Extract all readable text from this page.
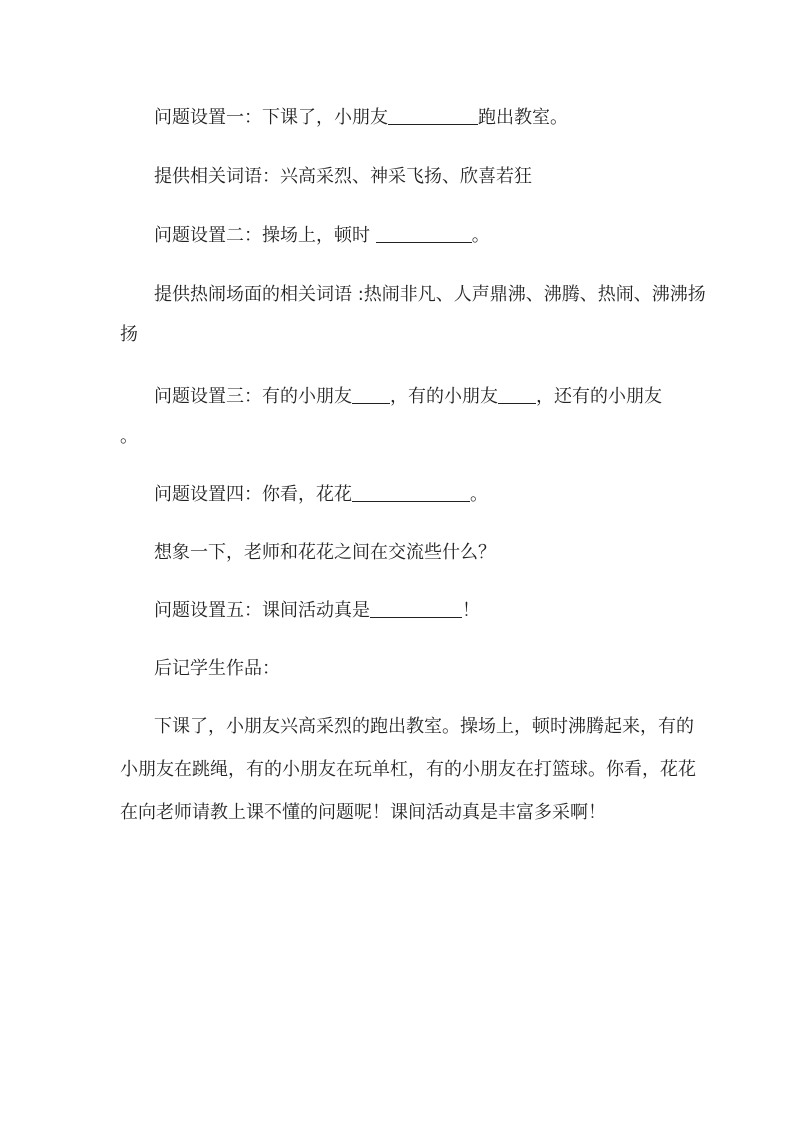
问题设置一：下课了，小朋友	跑出教室。

提供相关词语：兴高采烈、神采飞扬、欣喜若狂

问题设置二：操场上，顿时	。

提供热闹场面的相关词语 :热闹非凡、人声鼎沸、沸腾、热闹、沸沸扬

扬

问题设置三：有的小朋友 ，有的小朋友 ，还有的小朋友

。

问题设置四：你看，花花	。

想象一下，老师和花花之间在交流些什么？

问题设置五：课间活动真是	！

后记学生作品：

下课了，小朋友兴高采烈的跑出教室。操场上，顿时沸腾起来，有的

小朋友在跳绳，有的小朋友在玩单杠，有的小朋友在打篮球。你看，花花

在向老师请教上课不懂的问题呢！课间活动真是丰富多采啊！
